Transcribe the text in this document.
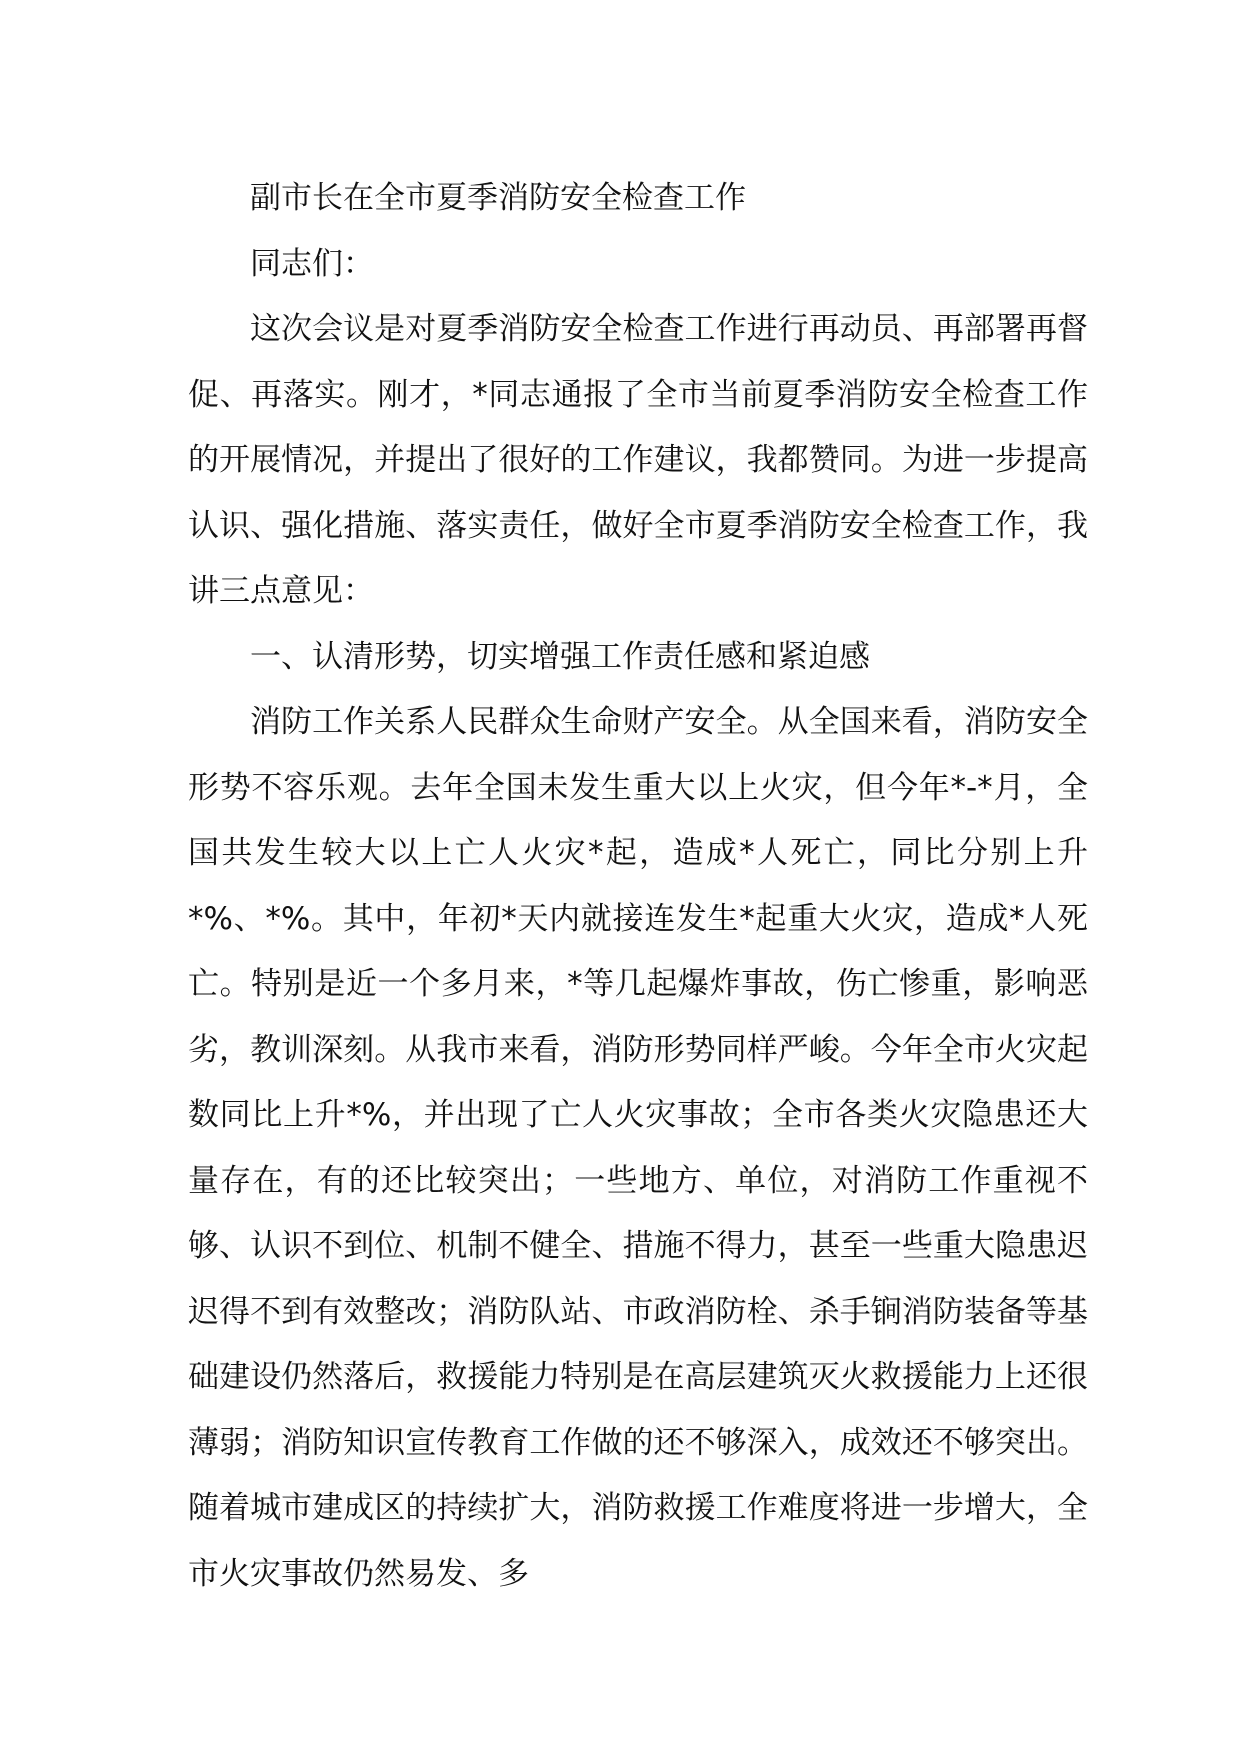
副市长在全市夏季消防安全检查工作

同志们：

这次会议是对夏季消防安全检查工作进行再动员、再部署再督促、再落实。刚才，*同志通报了全市当前夏季消防安全检查工作的开展情况，并提出了很好的工作建议，我都赞同。为进一步提高认识、强化措施、落实责任，做好全市夏季消防安全检查工作，我讲三点意见：

一、认清形势，切实增强工作责任感和紧迫感

消防工作关系人民群众生命财产安全。从全国来看，消防安全形势不容乐观。去年全国未发生重大以上火灾，但今年*-*月，全国共发生较大以上亡人火灾*起，造成*人死亡，同比分别上升*%、*%。其中，年初*天内就接连发生*起重大火灾，造成*人死亡。特别是近一个多月来，*等几起爆炸事故，伤亡惨重，影响恶劣，教训深刻。从我市来看，消防形势同样严峻。今年全市火灾起数同比上升*%，并出现了亡人火灾事故；全市各类火灾隐患还大量存在，有的还比较突出；一些地方、单位，对消防工作重视不够、认识不到位、机制不健全、措施不得力，甚至一些重大隐患迟迟得不到有效整改；消防队站、市政消防栓、杀手锏消防装备等基础建设仍然落后，救援能力特别是在高层建筑灭火救援能力上还很薄弱；消防知识宣传教育工作做的还不够深入，成效还不够突出。随着城市建成区的持续扩大，消防救援工作难度将进一步增大，全市火灾事故仍然易发、多
